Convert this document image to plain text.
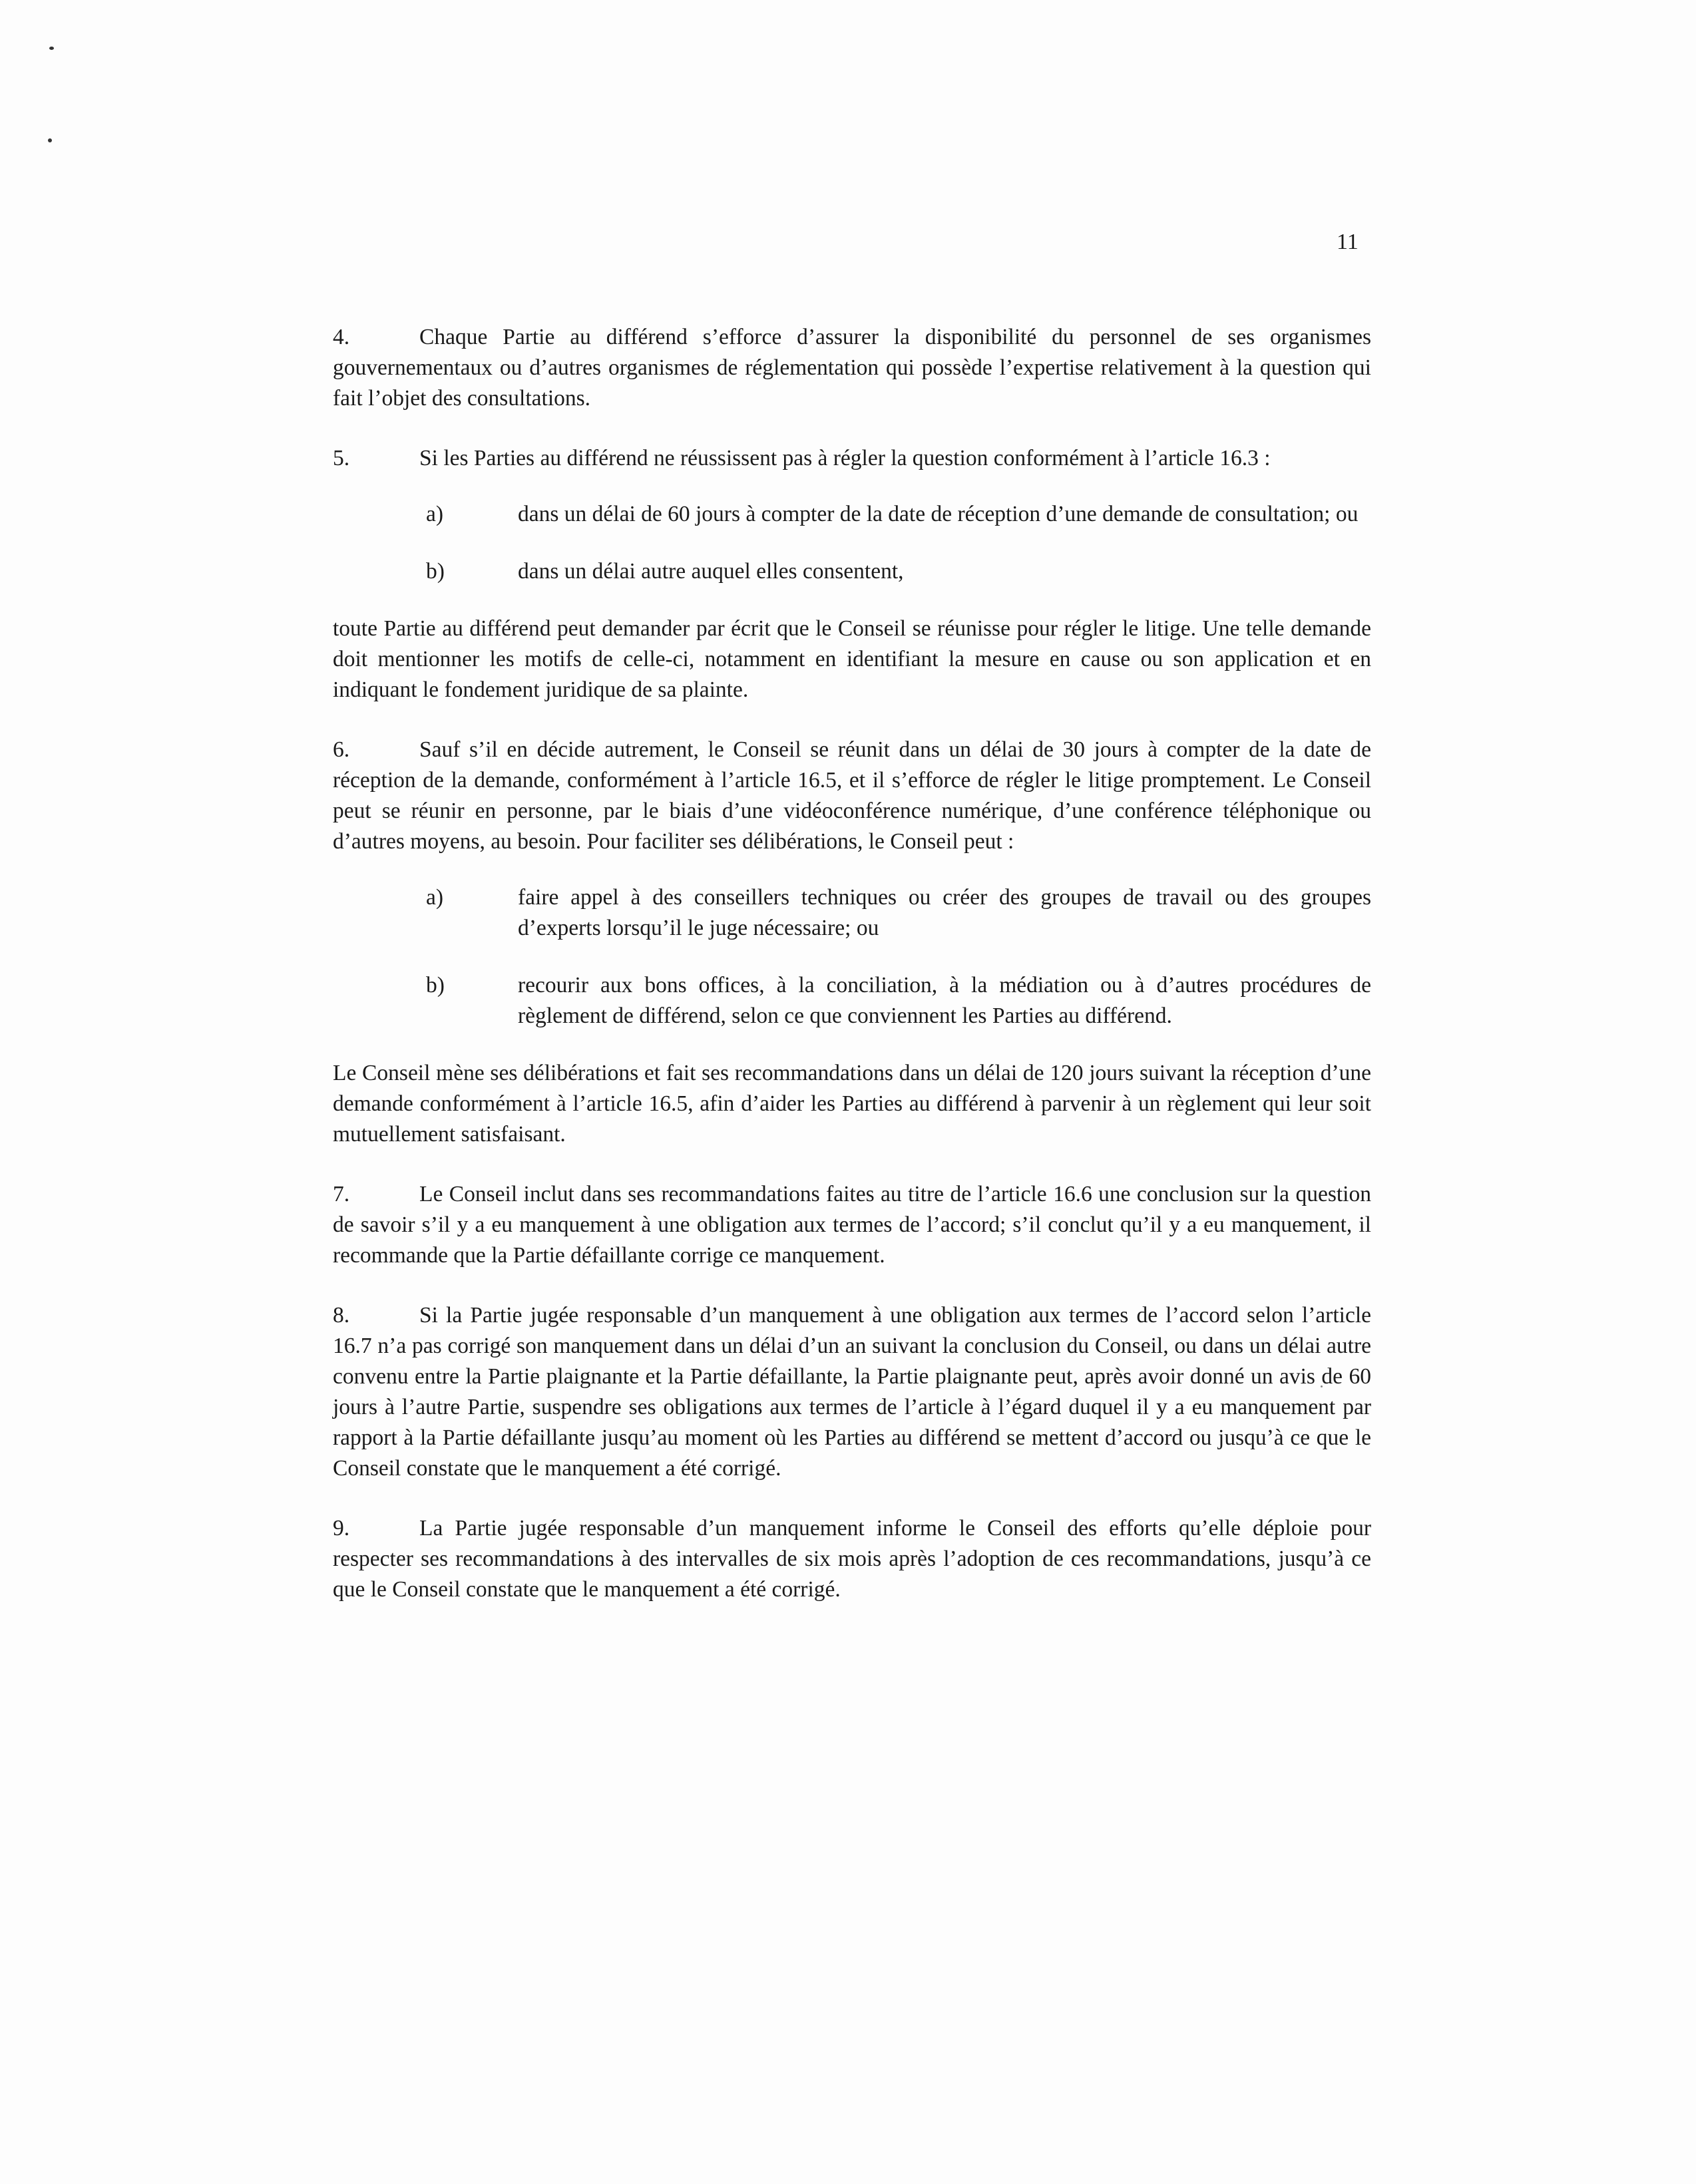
11

4.	Chaque Partie au différend s’efforce d’assurer la disponibilité du personnel de ses organismes gouvernementaux ou d’autres organismes de réglementation qui possède l’expertise relativement à la question qui fait l’objet des consultations.

5.	Si les Parties au différend ne réussissent pas à régler la question conformément à l’article 16.3 :

a)	dans un délai de 60 jours à compter de la date de réception d’une demande de consultation; ou
b)	dans un délai autre auquel elles consentent,

toute Partie au différend peut demander par écrit que le Conseil se réunisse pour régler le litige. Une telle demande doit mentionner les motifs de celle-ci, notamment en identifiant la mesure en cause ou son application et en indiquant le fondement juridique de sa plainte.

6.	Sauf s’il en décide autrement, le Conseil se réunit dans un délai de 30 jours à compter de la date de réception de la demande, conformément à l’article 16.5, et il s’efforce de régler le litige promptement. Le Conseil peut se réunir en personne, par le biais d’une vidéoconférence numérique, d’une conférence téléphonique ou d’autres moyens, au besoin. Pour faciliter ses délibérations, le Conseil peut :

a)	faire appel à des conseillers techniques ou créer des groupes de travail ou des groupes d’experts lorsqu’il le juge nécessaire; ou
b)	recourir aux bons offices, à la conciliation, à la médiation ou à d’autres procédures de règlement de différend, selon ce que conviennent les Parties au différend.

Le Conseil mène ses délibérations et fait ses recommandations dans un délai de 120 jours suivant la réception d’une demande conformément à l’article 16.5, afin d’aider les Parties au différend à parvenir à un règlement qui leur soit mutuellement satisfaisant.

7.	Le Conseil inclut dans ses recommandations faites au titre de l’article 16.6 une conclusion sur la question de savoir s’il y a eu manquement à une obligation aux termes de l’accord; s’il conclut qu’il y a eu manquement, il recommande que la Partie défaillante corrige ce manquement.

8.	Si la Partie jugée responsable d’un manquement à une obligation aux termes de l’accord selon l’article 16.7 n’a pas corrigé son manquement dans un délai d’un an suivant la conclusion du Conseil, ou dans un délai autre convenu entre la Partie plaignante et la Partie défaillante, la Partie plaignante peut, après avoir donné un avis de 60 jours à l’autre Partie, suspendre ses obligations aux termes de l’article à l’égard duquel il y a eu manquement par rapport à la Partie défaillante jusqu’au moment où les Parties au différend se mettent d’accord ou jusqu’à ce que le Conseil constate que le manquement a été corrigé.

9.	La Partie jugée responsable d’un manquement informe le Conseil des efforts qu’elle déploie pour respecter ses recommandations à des intervalles de six mois après l’adoption de ces recommandations, jusqu’à ce que le Conseil constate que le manquement a été corrigé.
